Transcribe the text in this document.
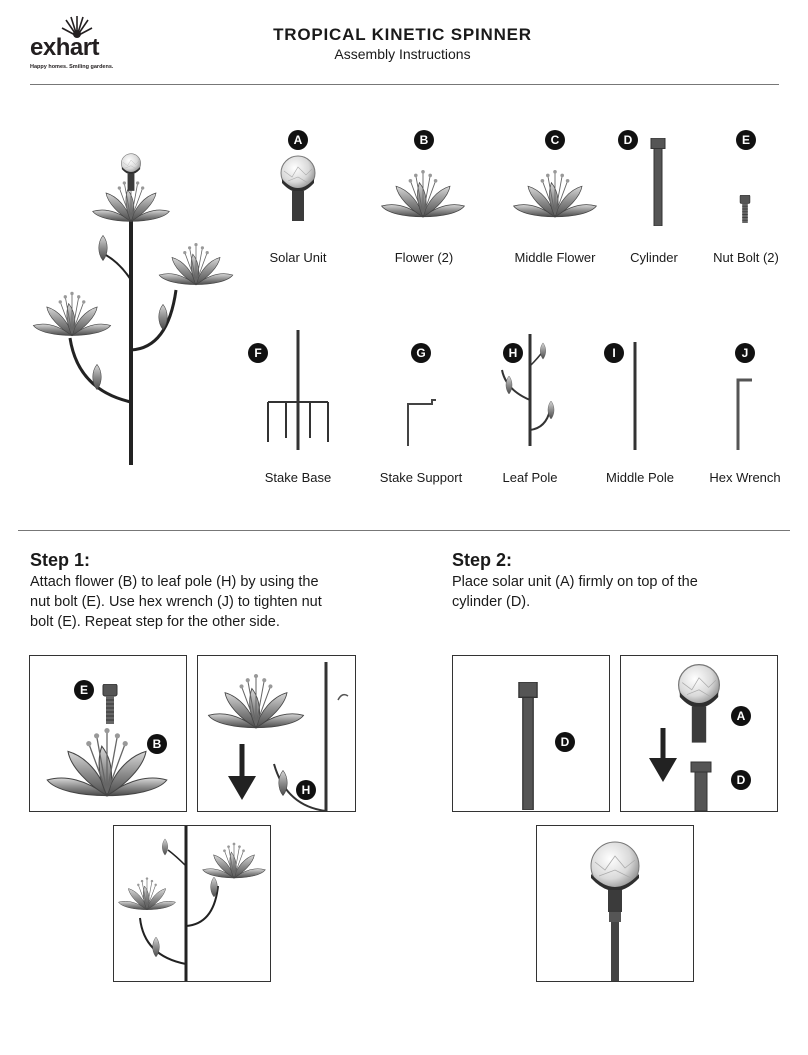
exhart
Happy homes. Smiling gardens.
TROPICAL KINETIC SPINNER
Assembly Instructions
A
Solar Unit
B
Flower (2)
C
Middle Flower
D
Cylinder
E
Nut Bolt (2)
F
Stake Base
G
Stake Support
H
Leaf Pole
I
Middle Pole
J
Hex Wrench
Step 1:
Attach flower (B) to leaf pole (H) by using the
nut bolt (E). Use hex wrench (J) to tighten nut
bolt (E). Repeat step for the other side.
Step 2:
Place solar unit (A) firmly on top of the
cylinder (D).
E
B
H
D
A
D
